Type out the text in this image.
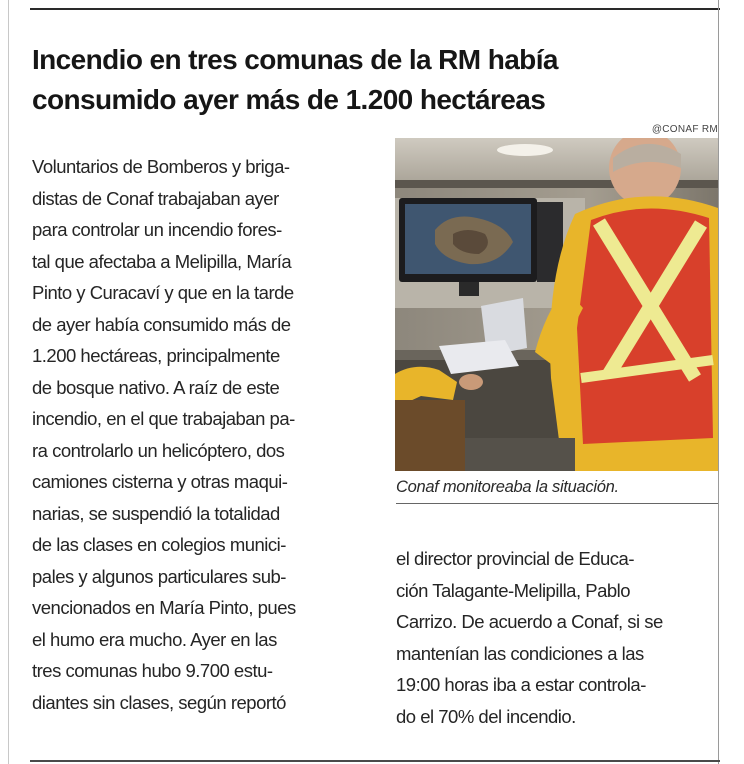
Incendio en tres comunas de la RM había
consumido ayer más de 1.200 hectáreas
@CONAF RM

Conaf monitoreaba la situación.

Voluntarios de Bomberos y briga-
distas de Conaf trabajaban ayer
para controlar un incendio fores-
tal que afectaba a Melipilla, María
Pinto y Curacaví y que en la tarde
de ayer había consumido más de
1.200 hectáreas, principalmente
de bosque nativo. A raíz de este
incendio, en el que trabajaban pa-
ra controlarlo un helicóptero, dos
camiones cisterna y otras maqui-
narias, se suspendió la totalidad
de las clases en colegios munici-
pales y algunos particulares sub-
vencionados en María Pinto, pues
el humo era mucho. Ayer en las
tres comunas hubo 9.700 estu-
diantes sin clases, según reportó
el director provincial de Educa-
ción Talagante-Melipilla, Pablo
Carrizo. De acuerdo a Conaf, si se
mantenían las condiciones a las
19:00 horas iba a estar controla-
do el 70% del incendio.
